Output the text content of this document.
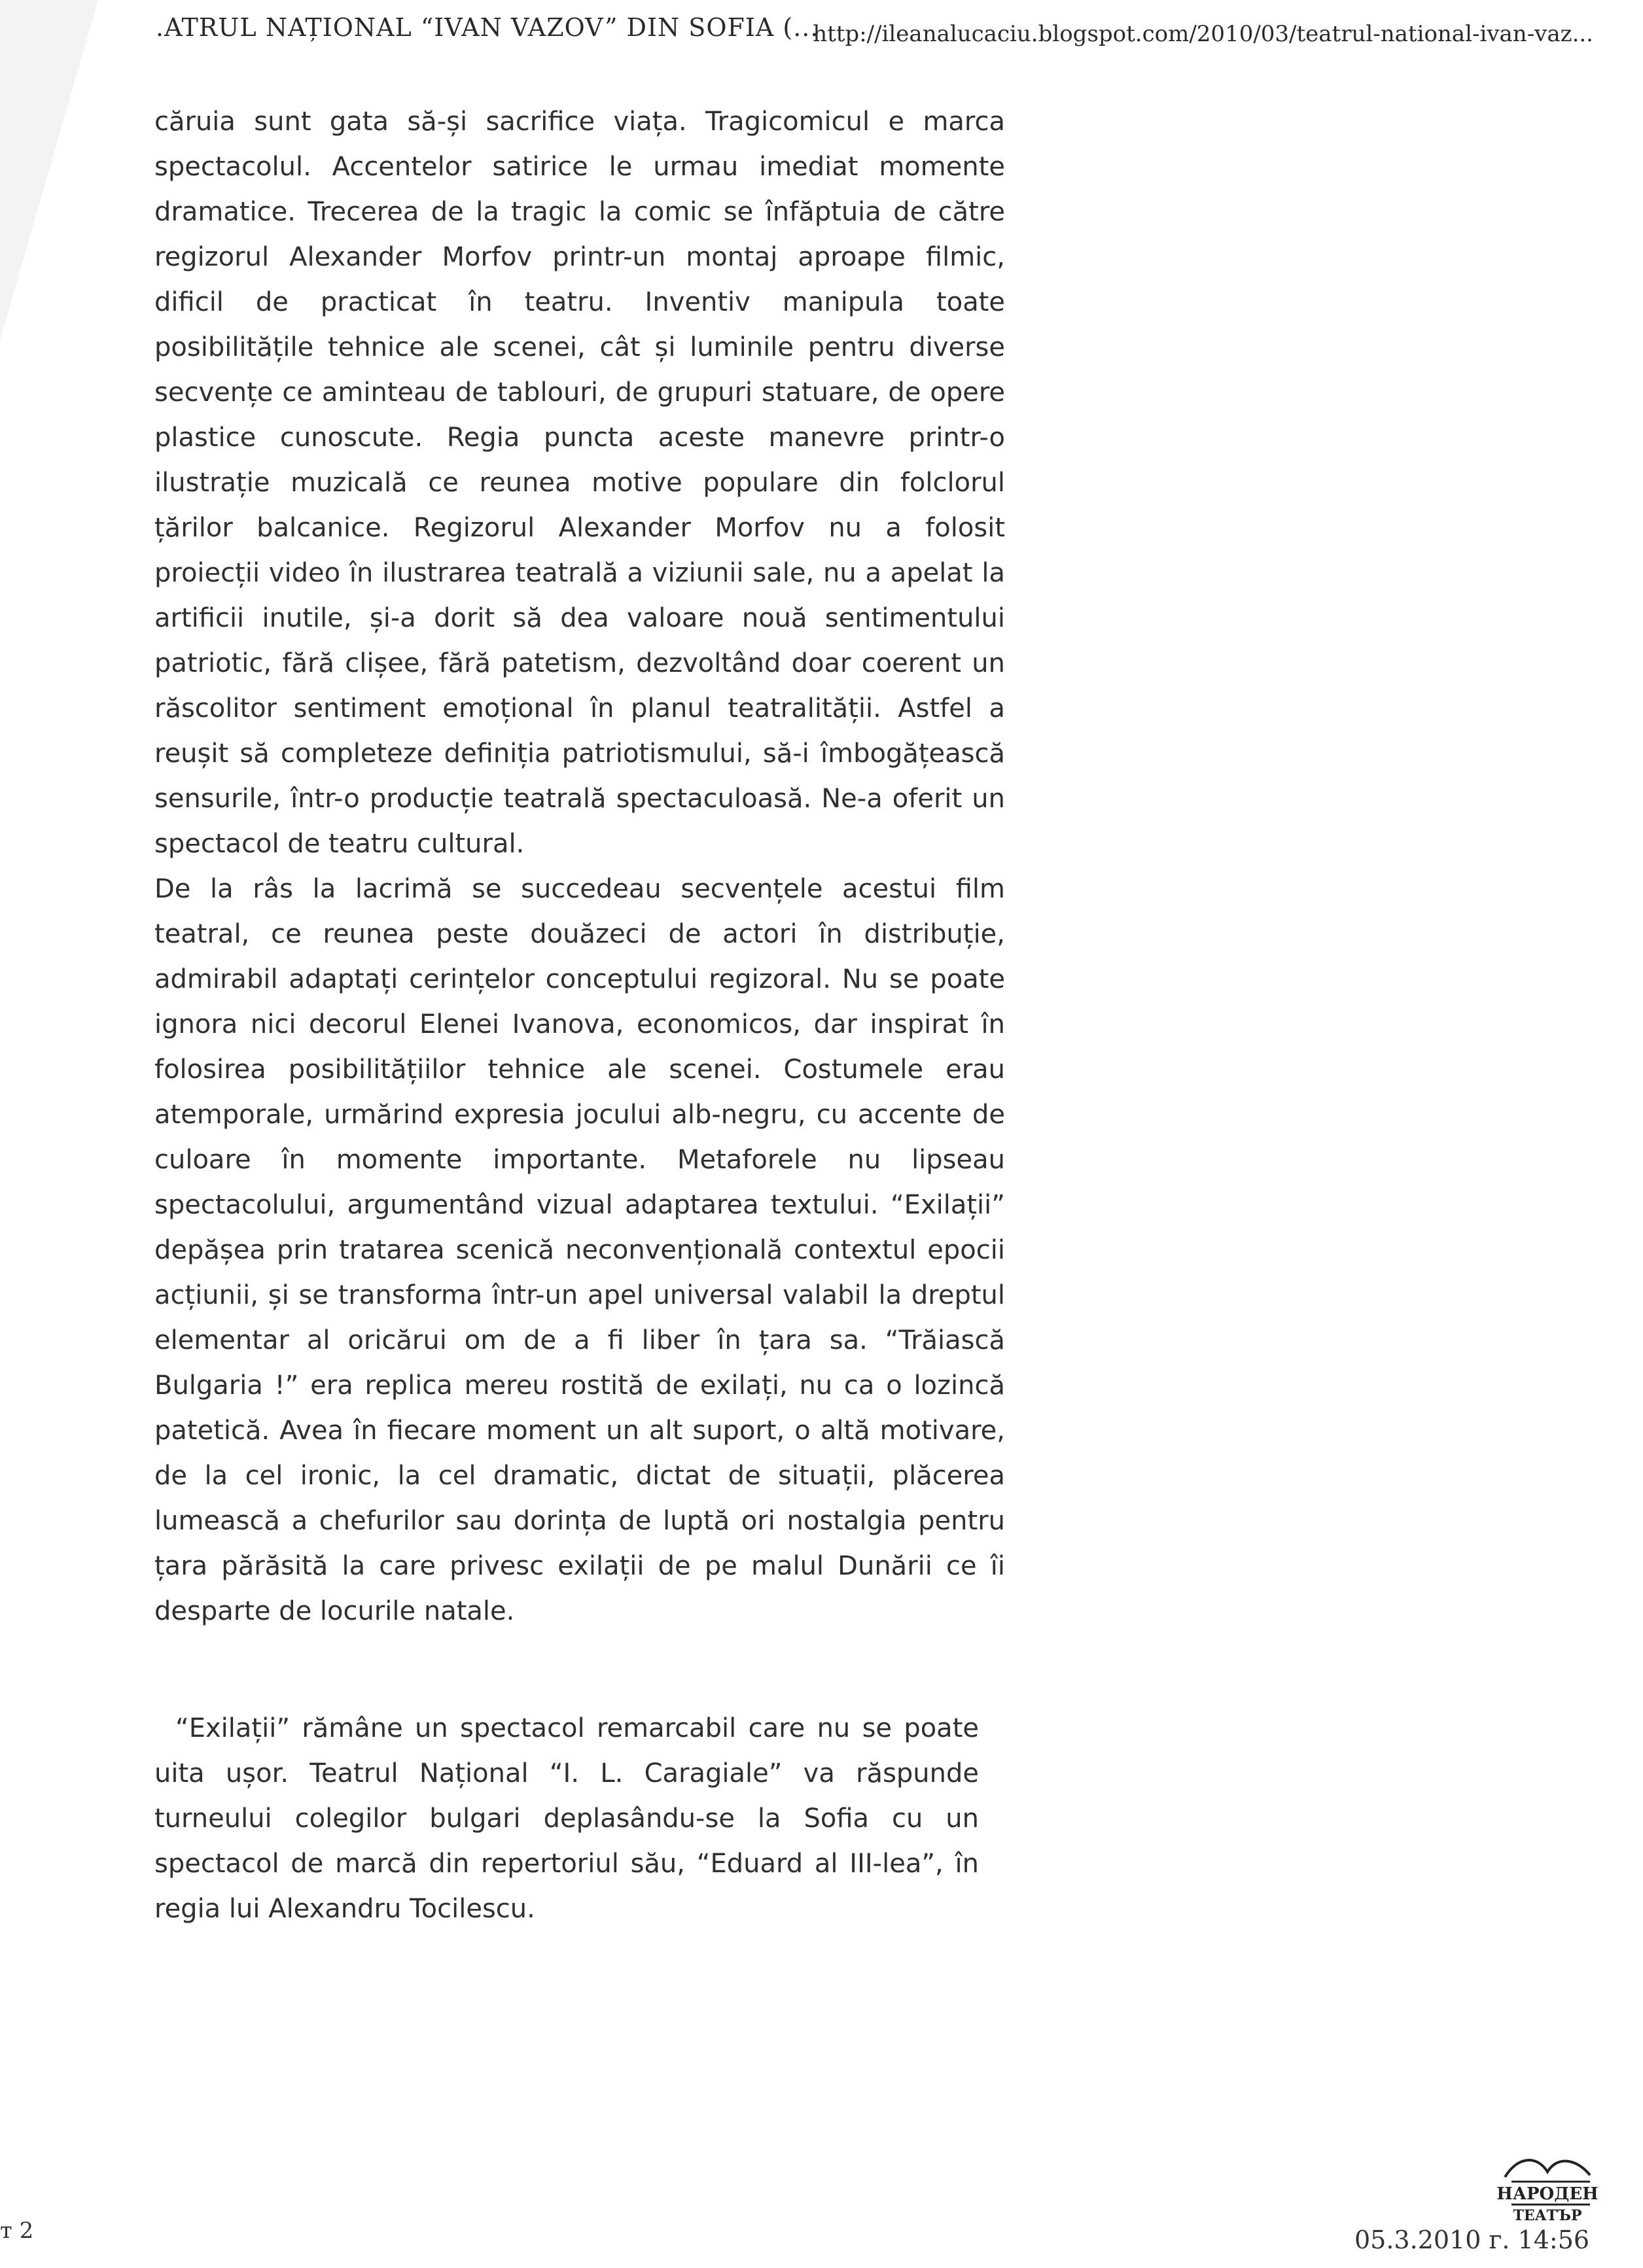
.ATRUL NAȚIONAL “IVAN VAZOV” DIN SOFIA (...
http://ileanalucaciu.blogspot.com/2010/03/teatrul-national-ivan-vaz...

căruia sunt gata să-și sacrifice viața. Tragicomicul e marca spectacolul. Accentelor satirice le urmau imediat momente dramatice. Trecerea de la tragic la comic se înfăptuia de către regizorul Alexander Morfov printr-un montaj aproape filmic, dificil de practicat în teatru. Inventiv manipula toate posibilitățile tehnice ale scenei, cât și luminile pentru diverse secvențe ce aminteau de tablouri, de grupuri statuare, de opere plastice cunoscute. Regia puncta aceste manevre printr-o ilustrație muzicală ce reunea motive populare din folclorul țărilor balcanice. Regizorul Alexander Morfov nu a folosit proiecții video în ilustrarea teatrală a viziunii sale, nu a apelat la artificii inutile, și-a dorit să dea valoare nouă sentimentului patriotic, fără clișee, fără patetism, dezvoltând doar coerent un răscolitor sentiment emoțional în planul teatralității. Astfel a reușit să completeze definiția patriotismului, să-i îmbogățească sensurile, într-o producție teatrală spectaculoasă. Ne-a oferit un spectacol de teatru cultural.

De la râs la lacrimă se succedeau secvențele acestui film teatral, ce reunea peste douăzeci de actori în distribuție, admirabil adaptați cerințelor conceptului regizoral. Nu se poate ignora nici decorul Elenei Ivanova, economicos, dar inspirat în folosirea posibilitățiilor tehnice ale scenei. Costumele erau atemporale, urmărind expresia jocului alb-negru, cu accente de culoare în momente importante. Metaforele nu lipseau spectacolului, argumentând vizual adaptarea textului. “Exilații” depășea prin tratarea scenică neconvențională contextul epocii acțiunii, și se transforma într-un apel universal valabil la dreptul elementar al oricărui om de a fi liber în țara sa. “Trăiască Bulgaria !” era replica mereu rostită de exilați, nu ca o lozincă patetică. Avea în fiecare moment un alt suport, o altă motivare, de la cel ironic, la cel dramatic, dictat de situații, plăcerea lumească a chefurilor sau dorința de luptă ori nostalgia pentru țara părăsită la care privesc exilații de pe malul Dunării ce îi desparte de locurile natale.

“Exilații” rămâne un spectacol remarcabil care nu se poate uita ușor. Teatrul Național “I. L. Caragiale” va răspunde turneului colegilor bulgari deplasându-se la Sofia cu un spectacol de marcă din repertoriul său, “Eduard al III-lea”, în regia lui Alexandru Tocilescu.

т 2
НАРОДЕН
ТЕАТЪР
05.3.2010 г. 14:56
